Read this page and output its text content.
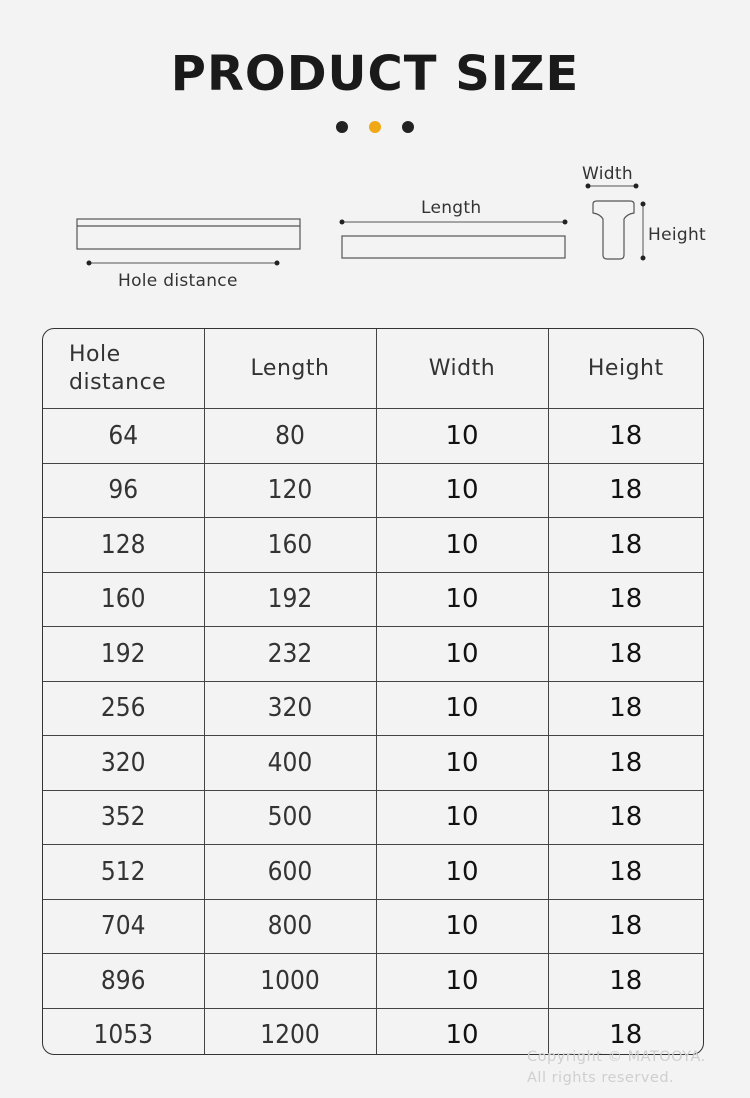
PRODUCT SIZE
Hole distance
Length
Width
Height
Hole
distance	Length	Width	Height
64	80	10	18
96	120	10	18
128	160	10	18
160	192	10	18
192	232	10	18
256	320	10	18
320	400	10	18
352	500	10	18
512	600	10	18
704	800	10	18
896	1000	10	18
1053	1200	10	18
Copyright © MATOOYA.
All rights reserved.
